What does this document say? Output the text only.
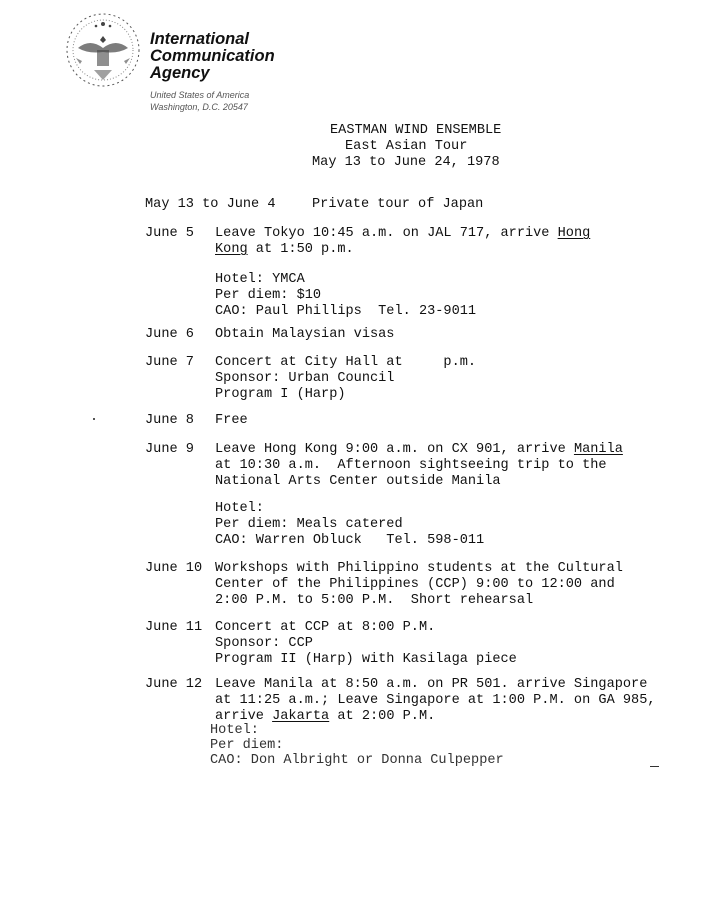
International
Communication
Agency
United States of America
Washington, D.C. 20547
EASTMAN WIND ENSEMBLE
East Asian Tour
May 13 to June 24, 1978
May 13 to June 4	Private tour of Japan
June 5 Leave Tokyo 10:45 a.m. on JAL 717, arrive Hong
Kong at 1:50 p.m.
Hotel: YMCA
Per diem: $10
CAO: Paul Phillips  Tel. 23-9011
June 6 Obtain Malaysian visas
June 7 Concert at City Hall at     p.m.
Sponsor: Urban Council
Program I (Harp)
June 8 Free
June 9 Leave Hong Kong 9:00 a.m. on CX 901, arrive Manila
at 10:30 a.m.  Afternoon sightseeing trip to the
National Arts Center outside Manila
Hotel:
Per diem: Meals catered
CAO: Warren Obluck   Tel. 598-011
June 10 Workshops with Philippino students at the Cultural
Center of the Philippines (CCP) 9:00 to 12:00 and
2:00 P.M. to 5:00 P.M.  Short rehearsal
June 11 Concert at CCP at 8:00 P.M.
Sponsor: CCP
Program II (Harp) with Kasilaga piece
June 12 Leave Manila at 8:50 a.m. on PR 501. arrive Singapore
at 11:25 a.m.; Leave Singapore at 1:00 P.M. on GA 985,
arrive Jakarta at 2:00 P.M.
Hotel:
Per diem:
CAO: Don Albright or Donna Culpepper
